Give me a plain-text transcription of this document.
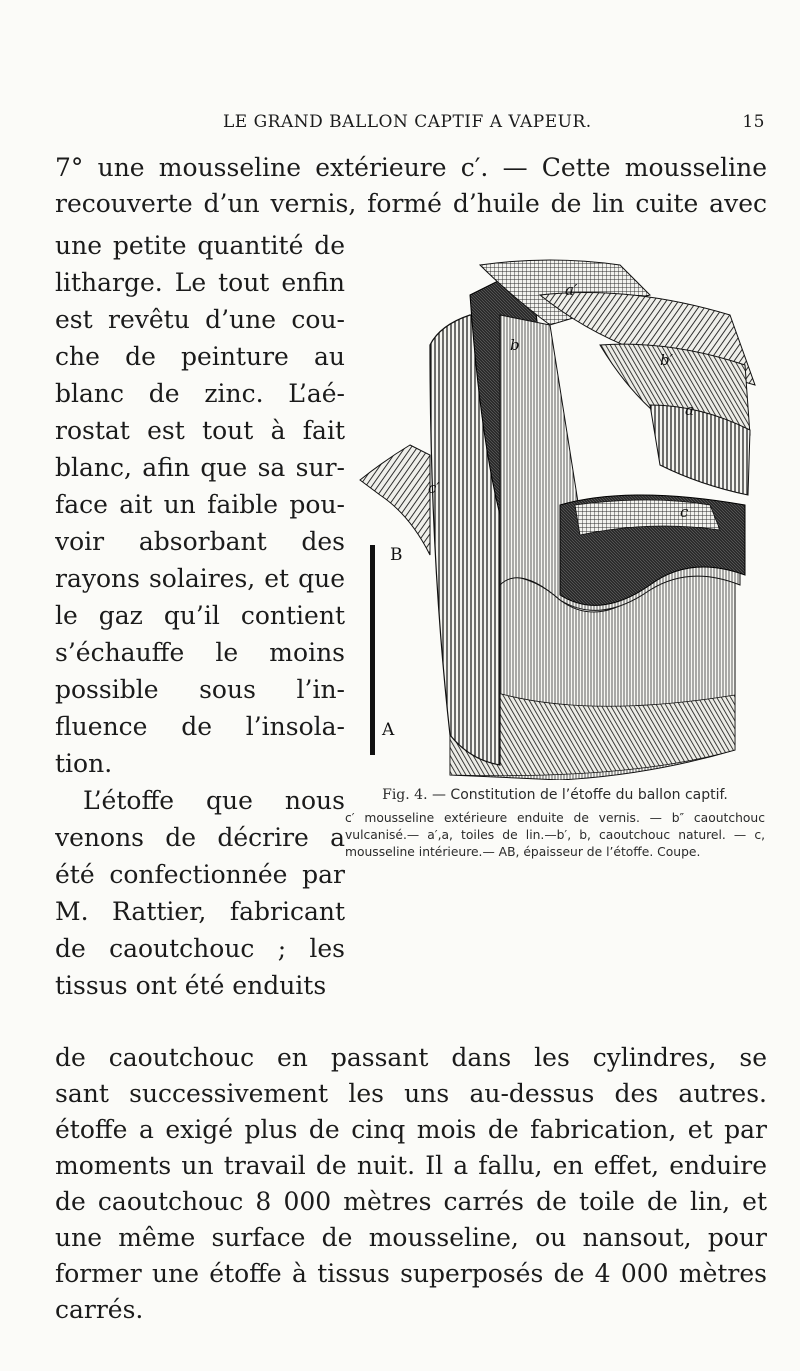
LE GRAND BALLON CAPTIF A VAPEUR.	15
7° une mousseline extérieure c′. — Cette mousseline
recouverte d’un vernis, formé d’huile de lin cuite avec
une petite quantité de
litharge. Le tout enfin
est revêtu d’une cou-
che de peinture au
blanc de zinc. L’aé-
rostat est tout à fait
blanc, afin que sa sur-
face ait un faible pou-
voir absorbant des
rayons solaires, et que
le gaz qu’il contient
s’échauffe le moins
possible sous l’in-
fluence de l’insola-
tion.
L’étoffe que nous
venons de décrire a
été confectionnée par
M. Rattier, fabricant
de caoutchouc ; les
tissus ont été enduits
a′
b
b′
a
c′
c
B
A
Fig. 4. — Constitution de l’étoffe du ballon captif.
c′ mousseline extérieure enduite de vernis. — b″ caoutchouc vulcanisé.— a′,a, toiles de lin.—b′, b, caoutchouc naturel. — c, mousseline intérieure.— AB, épaisseur de l’étoffe. Coupe.
de caoutchouc en passant dans les cylindres, se
sant successivement les uns au-dessus des autres.
étoffe a exigé plus de cinq mois de fabrication, et par
moments un travail de nuit. Il a fallu, en effet, enduire
de caoutchouc 8 000 mètres carrés de toile de lin, et
une même surface de mousseline, ou nansout, pour
former une étoffe à tissus superposés de 4 000 mètres
carrés.
